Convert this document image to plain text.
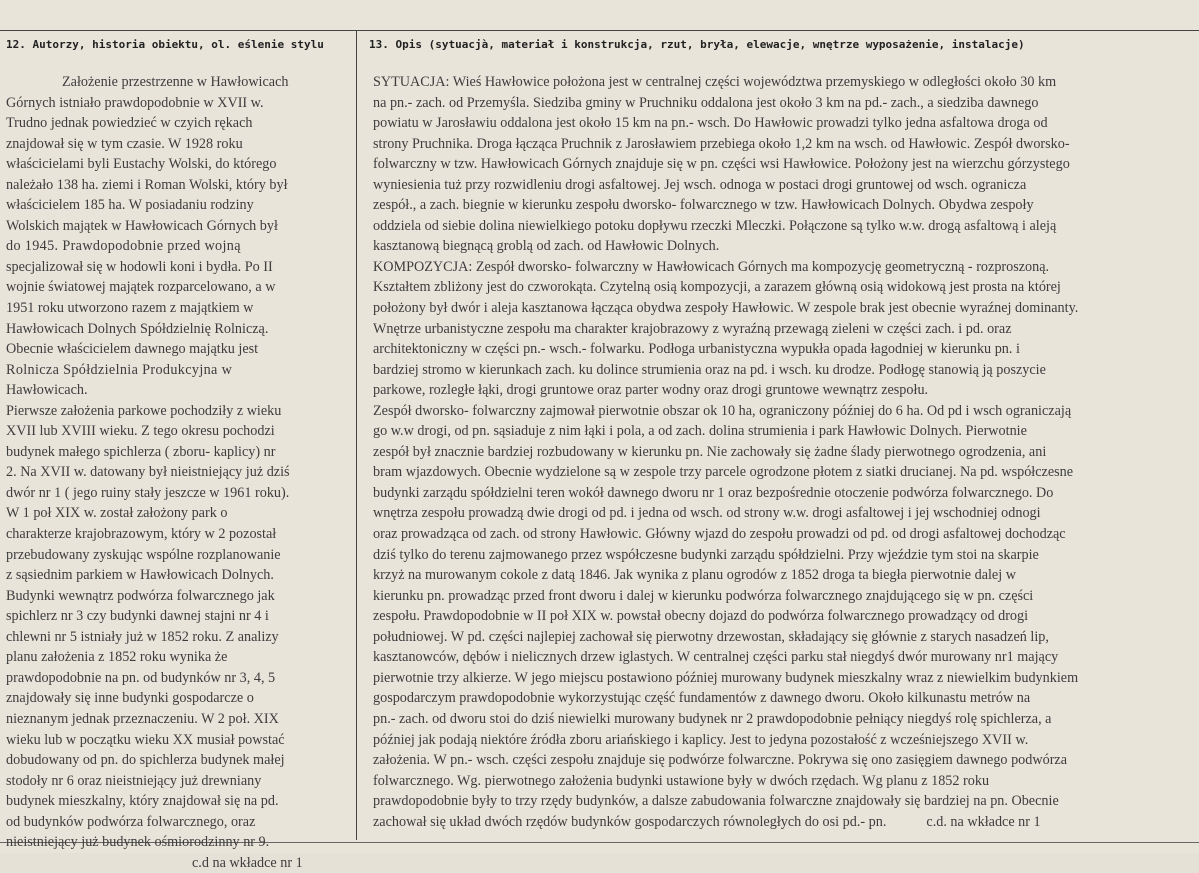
12. Autorzy, historia obiektu, ol. eślenie stylu	13. Opis (sytuacjà, materiał i konstrukcja, rzut, bryła, elewacje, wnętrze wyposażenie, instalacje)
Założenie przestrzenne w Hawłowicach
Górnych istniało prawdopodobnie w XVII w.
Trudno jednak powiedzieć w czyich rękach
znajdował się w tym czasie. W 1928 roku
właścicielami byli Eustachy Wolski, do którego
należało 138 ha. ziemi i Roman Wolski, który był
właścicielem 185 ha. W posiadaniu rodziny
Wolskich majątek w Hawłowicach Górnych był
do 1945. Prawdopodobnie przed wojną
specjalizował się w hodowli koni i bydła. Po II
wojnie światowej majątek rozparcelowano, a w
1951 roku utworzono razem z majątkiem w
Hawłowicach Dolnych Spółdzielnię Rolniczą.
Obecnie właścicielem dawnego majątku jest
Rolnicza Spółdzielnia Produkcyjna w
Hawłowicach.
Pierwsze założenia parkowe pochodziły z wieku
XVII lub XVIII wieku. Z tego okresu pochodzi
budynek małego spichlerza ( zboru- kaplicy) nr
2. Na XVII w. datowany był nieistniejący już dziś
dwór nr 1 ( jego ruiny stały jeszcze w 1961 roku).
W 1 poł XIX w. został założony park o
charakterze krajobrazowym, który w 2 pozostał
przebudowany zyskując wspólne rozplanowanie
z sąsiednim parkiem w Hawłowicach Dolnych.
Budynki wewnątrz podwórza folwarcznego jak
spichlerz nr 3 czy budynki dawnej stajni nr 4 i
chlewni nr 5 istniały już w 1852 roku. Z analizy
planu założenia z 1852 roku wynika że
prawdopodobnie na pn. od budynków nr 3, 4, 5
znajdowały się inne budynki gospodarcze o
nieznanym jednak przeznaczeniu. W 2 poł. XIX
wieku lub w początku wieku XX musiał powstać
dobudowany od pn. do spichlerza budynek małej
stodoły nr 6 oraz nieistniejący już drewniany
budynek mieszkalny, który znajdował się na pd.
od budynków podwórza folwarcznego, oraz
nieistniejący już budynek ośmiorodzinny nr 9.
c.d na wkładce nr 1
SYTUACJA: Wieś Hawłowice położona jest w centralnej części województwa przemyskiego w odległości około 30 km
na pn.- zach. od Przemyśla. Siedziba gminy w Pruchniku oddalona jest około 3 km na pd.- zach., a siedziba dawnego
powiatu w Jarosławiu oddalona jest około 15 km na pn.- wsch. Do Hawłowic prowadzi tylko jedna asfaltowa droga od
strony Pruchnika. Droga łącząca Pruchnik z Jarosławiem przebiega około 1,2 km na wsch. od Hawłowic. Zespół dworsko-
folwarczny w tzw. Hawłowicach Górnych znajduje się w pn. części wsi Hawłowice. Położony jest na wierzchu górzystego
wyniesienia tuż przy rozwidleniu drogi asfaltowej. Jej wsch. odnoga w postaci drogi gruntowej od wsch. ogranicza
zespół., a zach. biegnie w kierunku zespołu dworsko- folwarcznego w tzw. Hawłowicach Dolnych. Obydwa zespoły
oddziela od siebie dolina niewielkiego potoku dopływu rzeczki Mleczki. Połączone są tylko w.w. drogą asfaltową i aleją
kasztanową biegnącą groblą od zach. od Hawłowic Dolnych.
KOMPOZYCJA: Zespół dworsko- folwarczny w Hawłowicach Górnych ma kompozycję geometryczną - rozproszoną.
Kształtem zbliżony jest do czworokąta. Czytelną osią kompozycji, a zarazem główną osią widokową jest prosta na której
położony był dwór i aleja kasztanowa łącząca obydwa zespoły Hawłowic. W zespole brak jest obecnie wyraźnej dominanty.
Wnętrze urbanistyczne zespołu ma charakter krajobrazowy z wyraźną przewagą zieleni w części zach. i pd. oraz
architektoniczny w części pn.- wsch.- folwarku. Podłoga urbanistyczna wypukła opada łagodniej w kierunku pn. i
bardziej stromo w kierunkach zach. ku dolince strumienia oraz na pd. i wsch. ku drodze. Podłogę stanowią ją poszycie
parkowe, rozległe łąki, drogi gruntowe oraz parter wodny oraz drogi gruntowe wewnątrz zespołu.
Zespół dworsko- folwarczny zajmował pierwotnie obszar ok 10 ha, ograniczony później do 6 ha. Od pd i wsch ograniczają
go w.w drogi, od pn. sąsiaduje z nim łąki i pola, a od zach. dolina strumienia i park Hawłowic Dolnych. Pierwotnie
zespół był znacznie bardziej rozbudowany w kierunku pn. Nie zachowały się żadne ślady pierwotnego ogrodzenia, ani
bram wjazdowych. Obecnie wydzielone są w zespole trzy parcele ogrodzone płotem z siatki drucianej. Na pd. współczesne
budynki zarządu spółdzielni teren wokół dawnego dworu nr 1 oraz bezpośrednie otoczenie podwórza folwarcznego. Do
wnętrza zespołu prowadzą dwie drogi od pd. i jedna od wsch. od strony w.w. drogi asfaltowej i jej wschodniej odnogi
oraz prowadząca od zach. od strony Hawłowic. Główny wjazd do zespołu prowadzi od pd. od drogi asfaltowej dochodząc
dziś tylko do terenu zajmowanego przez współczesne budynki zarządu spółdzielni. Przy wjeździe tym stoi na skarpie
krzyż na murowanym cokole z datą 1846. Jak wynika z planu ogrodów z 1852 droga ta biegła pierwotnie dalej w
kierunku pn. prowadząc przed front dworu i dalej w kierunku podwórza folwarcznego znajdującego się w pn. części
zespołu. Prawdopodobnie w II poł XIX w. powstał obecny dojazd do podwórza folwarcznego prowadzący od drogi
południowej. W pd. części najlepiej zachował się pierwotny drzewostan, składający się głównie z starych nasadzeń lip,
kasztanowców, dębów i nielicznych drzew iglastych. W centralnej części parku stał niegdyś dwór murowany nr1 mający
pierwotnie trzy alkierze. W jego miejscu postawiono później murowany budynek mieszkalny wraz z niewielkim budynkiem
gospodarczym prawdopodobnie wykorzystując część fundamentów z dawnego dworu. Około kilkunastu metrów na
pn.- zach. od dworu stoi do dziś niewielki murowany budynek nr 2 prawdopodobnie pełniący niegdyś rolę spichlerza, a
później jak podają niektóre źródła zboru ariańskiego i kaplicy. Jest to jedyna pozostałość z wcześniejszego XVII w.
założenia. W pn.- wsch. części zespołu znajduje się podwórze folwarczne. Pokrywa się ono zasięgiem dawnego podwórza
folwarcznego. Wg. pierwotnego założenia budynki ustawione były w dwóch rzędach. Wg planu z 1852 roku
prawdopodobnie były to trzy rzędy budynków, a dalsze zabudowania folwarczne znajdowały się bardziej na pn. Obecnie
zachował się układ dwóch rzędów budynków gospodarczych równoległych do osi pd.- pn.	c.d. na wkładce nr 1
